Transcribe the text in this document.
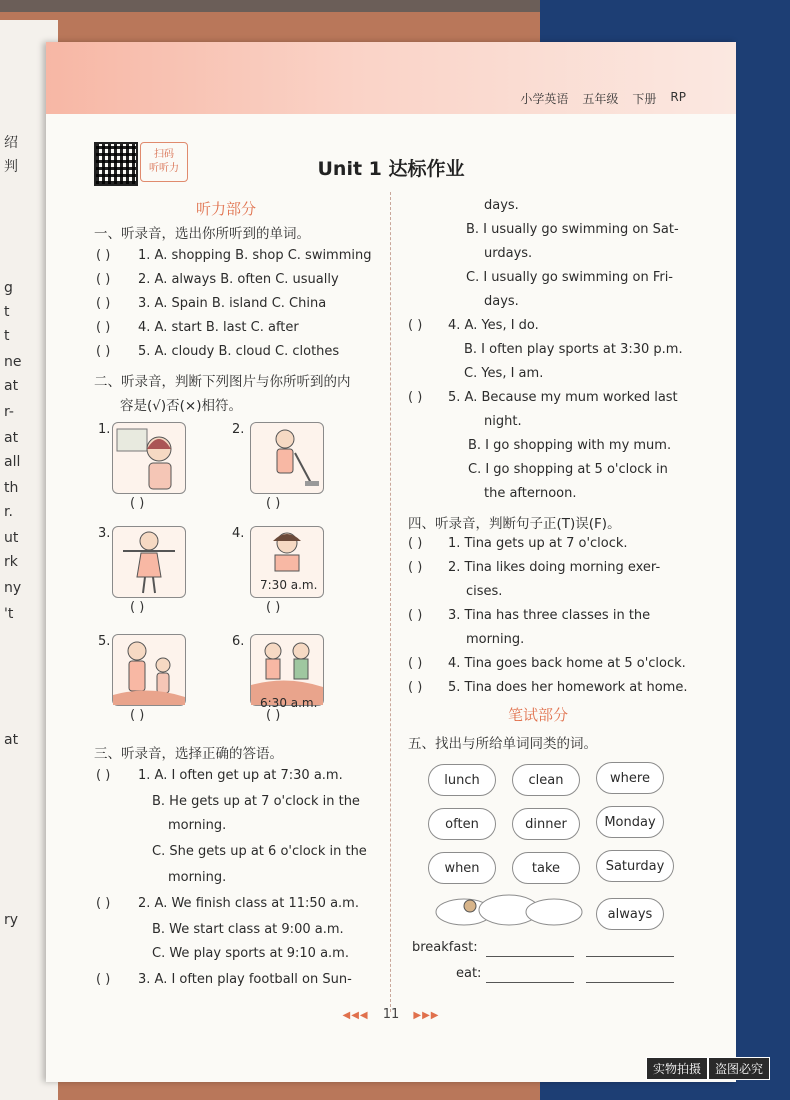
绍
判
g
t
t
ne
at
r-
at
all
th
r.
ut
rk
ny
't
at
ry
小学英语 五年级 下册 RP
扫码
听听力	Unit 1 达标作业
听力部分
一、听录音，选出你所听到的单词。
( ) 1. A. shopping B. shop C. swimming
( ) 2. A. always B. often C. usually
( ) 3. A. Spain B. island C. China
( ) 4. A. start B. last C. after
( ) 5. A. cloudy B. cloud C. clothes
二、听录音，判断下列图片与你所听到的内
容是(√)否(×)相符。
1.
( )
2.
( )
3.
( )
4.
7:30 a.m.
( )
5.
( )
6.
6:30 a.m.
( )
三、听录音，选择正确的答语。
( ) 1. A. I often get up at 7:30 a.m.
B. He gets up at 7 o'clock in the
morning.
C. She gets up at 6 o'clock in the
morning.
( ) 2. A. We finish class at 11:50 a.m.
B. We start class at 9:00 a.m.
C. We play sports at 9:10 a.m.
( ) 3. A. I often play football on Sun-
days.
B. I usually go swimming on Sat-
urdays.
C. I usually go swimming on Fri-
days.
( ) 4. A. Yes, I do.
B. I often play sports at 3:30 p.m.
C. Yes, I am.
( ) 5. A. Because my mum worked last
night.
B. I go shopping with my mum.
C. I go shopping at 5 o'clock in
the afternoon.
四、听录音，判断句子正(T)误(F)。
( ) 1. Tina gets up at 7 o'clock.
( ) 2. Tina likes doing morning exer-
cises.
( ) 3. Tina has three classes in the
morning.
( ) 4. Tina goes back home at 5 o'clock.
( ) 5. Tina does her homework at home.
笔试部分
五、找出与所给单词同类的词。
lunch	clean	where
often	dinner	Monday
when	take	Saturday
always
breakfast:
eat:
◀◀◀ 11 ▶▶▶
实物拍摄	盗图必究
